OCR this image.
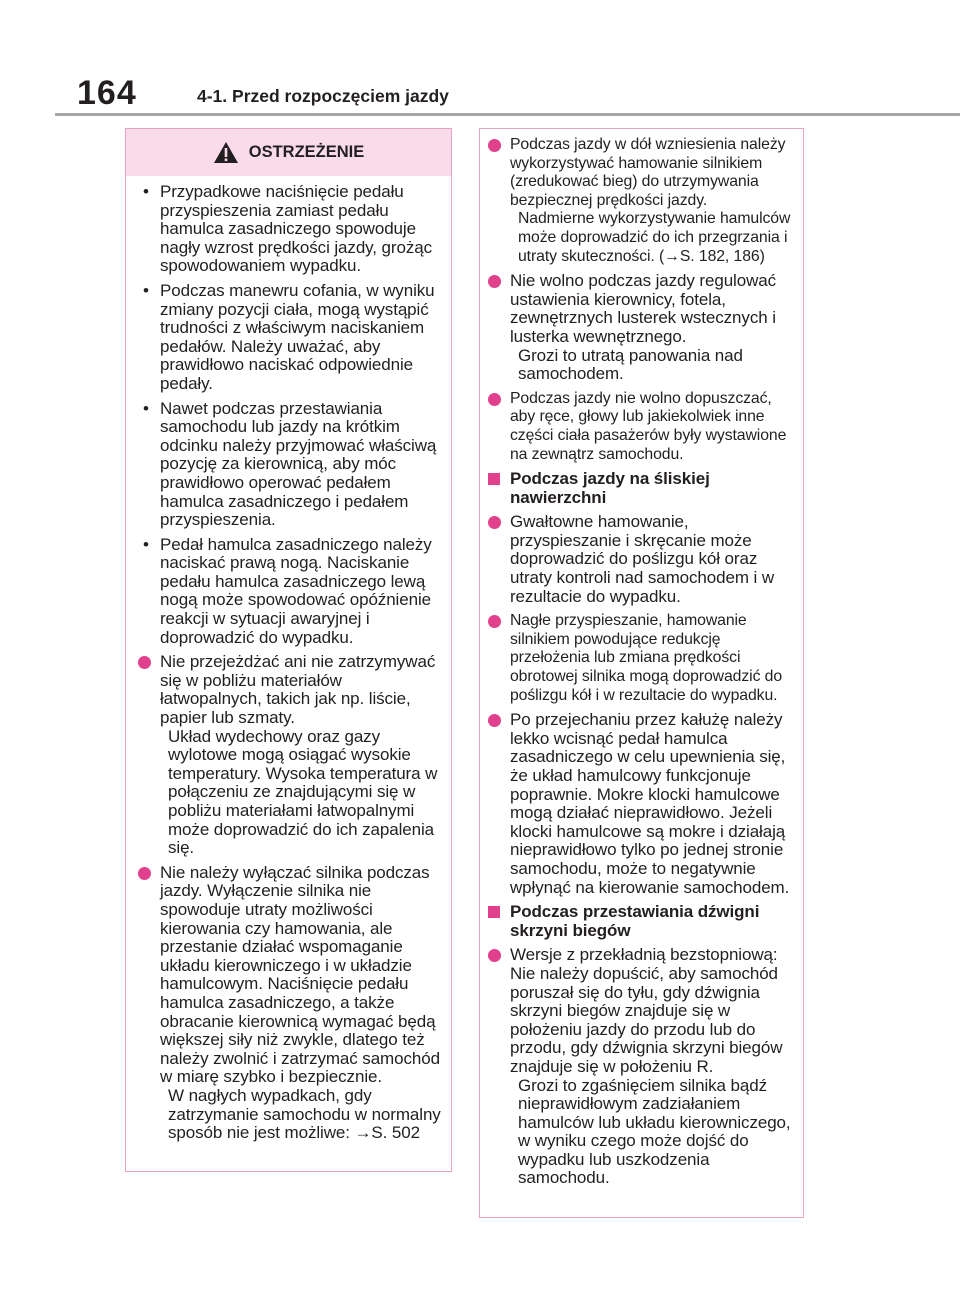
164	4-1. Przed rozpoczęciem jazdy
OSTRZEŻENIE
• Przypadkowe naciśnięcie pedału przyspieszenia zamiast pedału hamulca zasadniczego spowoduje nagły wzrost prędkości jazdy, grożąc spowodowaniem wypadku.
• Podczas manewru cofania, w wyniku zmiany pozycji ciała, mogą wystąpić trudności z właściwym naciskaniem pedałów. Należy uważać, aby prawidłowo naciskać odpowiednie pedały.
• Nawet podczas przestawiania samochodu lub jazdy na krótkim odcinku należy przyjmować właściwą pozycję za kierownicą, aby móc prawidłowo operować pedałem hamulca zasadniczego i pedałem przyspieszenia.
• Pedał hamulca zasadniczego należy naciskać prawą nogą. Naciskanie pedału hamulca zasadniczego lewą nogą może spowodować opóźnienie reakcji w sytuacji awaryjnej i doprowadzić do wypadku.
Nie przejeżdżać ani nie zatrzymywać się w pobliżu materiałów łatwopalnych, takich jak np. liście, papier lub szmaty.
Układ wydechowy oraz gazy wylotowe mogą osiągać wysokie temperatury. Wysoka temperatura w połączeniu ze znajdującymi się w pobliżu materiałami łatwopalnymi może doprowadzić do ich zapalenia się.
Nie należy wyłączać silnika podczas jazdy. Wyłączenie silnika nie spowoduje utraty możliwości kierowania czy hamowania, ale przestanie działać wspomaganie układu kierowniczego i w układzie hamulcowym. Naciśnięcie pedału hamulca zasadniczego, a także obracanie kierownicą wymagać będą większej siły niż zwykle, dlatego też należy zwolnić i zatrzymać samochód w miarę szybko i bezpiecznie.
W nagłych wypadkach, gdy zatrzymanie samochodu w normalny sposób nie jest możliwe: →S. 502
Podczas jazdy w dół wzniesienia należy wykorzystywać hamowanie silnikiem (zredukować bieg) do utrzymywania bezpiecznej prędkości jazdy.
Nadmierne wykorzystywanie hamulców może doprowadzić do ich przegrzania i utraty skuteczności. (→S. 182, 186)
Nie wolno podczas jazdy regulować ustawienia kierownicy, fotela, zewnętrznych lusterek wstecznych i lusterka wewnętrznego.
Grozi to utratą panowania nad samochodem.
Podczas jazdy nie wolno dopuszczać, aby ręce, głowy lub jakiekolwiek inne części ciała pasażerów były wystawione na zewnątrz samochodu.
Podczas jazdy na śliskiej nawierzchni
Gwałtowne hamowanie, przyspieszanie i skręcanie może doprowadzić do poślizgu kół oraz utraty kontroli nad samochodem i w rezultacie do wypadku.
Nagłe przyspieszanie, hamowanie silnikiem powodujące redukcję przełożenia lub zmiana prędkości obrotowej silnika mogą doprowadzić do poślizgu kół i w rezultacie do wypadku.
Po przejechaniu przez kałużę należy lekko wcisnąć pedał hamulca zasadniczego w celu upewnienia się, że układ hamulcowy funkcjonuje poprawnie. Mokre klocki hamulcowe mogą działać nieprawidłowo. Jeżeli klocki hamulcowe są mokre i działają nieprawidłowo tylko po jednej stronie samochodu, może to negatywnie wpłynąć na kierowanie samochodem.
Podczas przestawiania dźwigni skrzyni biegów
Wersje z przekładnią bezstopniową: Nie należy dopuścić, aby samochód poruszał się do tyłu, gdy dźwignia skrzyni biegów znajduje się w położeniu jazdy do przodu lub do przodu, gdy dźwignia skrzyni biegów znajduje się w położeniu R.
Grozi to zgaśnięciem silnika bądź nieprawidłowym zadziałaniem hamulców lub układu kierowniczego, w wyniku czego może dojść do wypadku lub uszkodzenia samochodu.
